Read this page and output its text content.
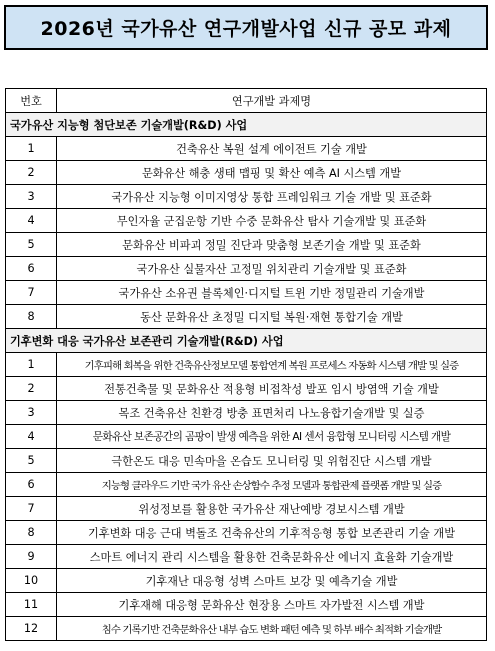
2026년 국가유산 연구개발사업 신규 공모 과제
번호	연구개발 과제명
국가유산 지능형 첨단보존 기술개발(R&D) 사업	
1	건축유산 복원 설계 에이전트 기술 개발
2	문화유산 해충 생태 맵핑 및 확산 예측 AI 시스템 개발
3	국가유산 지능형 이미지영상 통합 프레임워크 기술 개발 및 표준화
4	무인자율 군집운항 기반 수중 문화유산 탐사 기술개발 및 표준화
5	문화유산 비파괴 정밀 진단과 맞춤형 보존기술 개발 및 표준화
6	국가유산 실물자산 고정밀 위치관리 기술개발 및 표준화
7	국가유산 소유권 블록체인·디지털 트윈 기반 정밀관리 기술개발
8	동산 문화유산 초정밀 디지털 복원·재현 통합기술 개발
기후변화 대응 국가유산 보존관리 기술개발(R&D) 사업	
1	기후피해 회복을 위한 건축유산정보모델 통합연계 복원 프로세스 자동화 시스템 개발 및 실증
2	전통건축물 및 문화유산 적용형 비접착성 발포 임시 방염액 기술 개발
3	목조 건축유산 친환경 방충 표면처리 나노융합기술개발 및 실증
4	문화유산 보존공간의 곰팡이 발생 예측을 위한 AI 센서 융합형 모니터링 시스템 개발
5	극한온도 대응 민속마을 온습도 모니터링 및 위험진단 시스템 개발
6	지능형 클라우드 기반 국가 유산 손상함수 추정 모델과 통합관제 플랫폼 개발 및 실증
7	위성정보를 활용한 국가유산 재난예방 경보시스템 개발
8	기후변화 대응 근대 벽돌조 건축유산의 기후적응형 통합 보존관리 기술 개발
9	스마트 에너지 관리 시스템을 활용한 건축문화유산 에너지 효율화 기술개발
10	기후재난 대응형 성벽 스마트 보강 및 예측기술 개발
11	기후재해 대응형 문화유산 현장용 스마트 자가발전 시스템 개발
12	침수 기록기반 건축문화유산 내부 습도 변화 패턴 예측 및 하부 배수 최적화 기술개발
